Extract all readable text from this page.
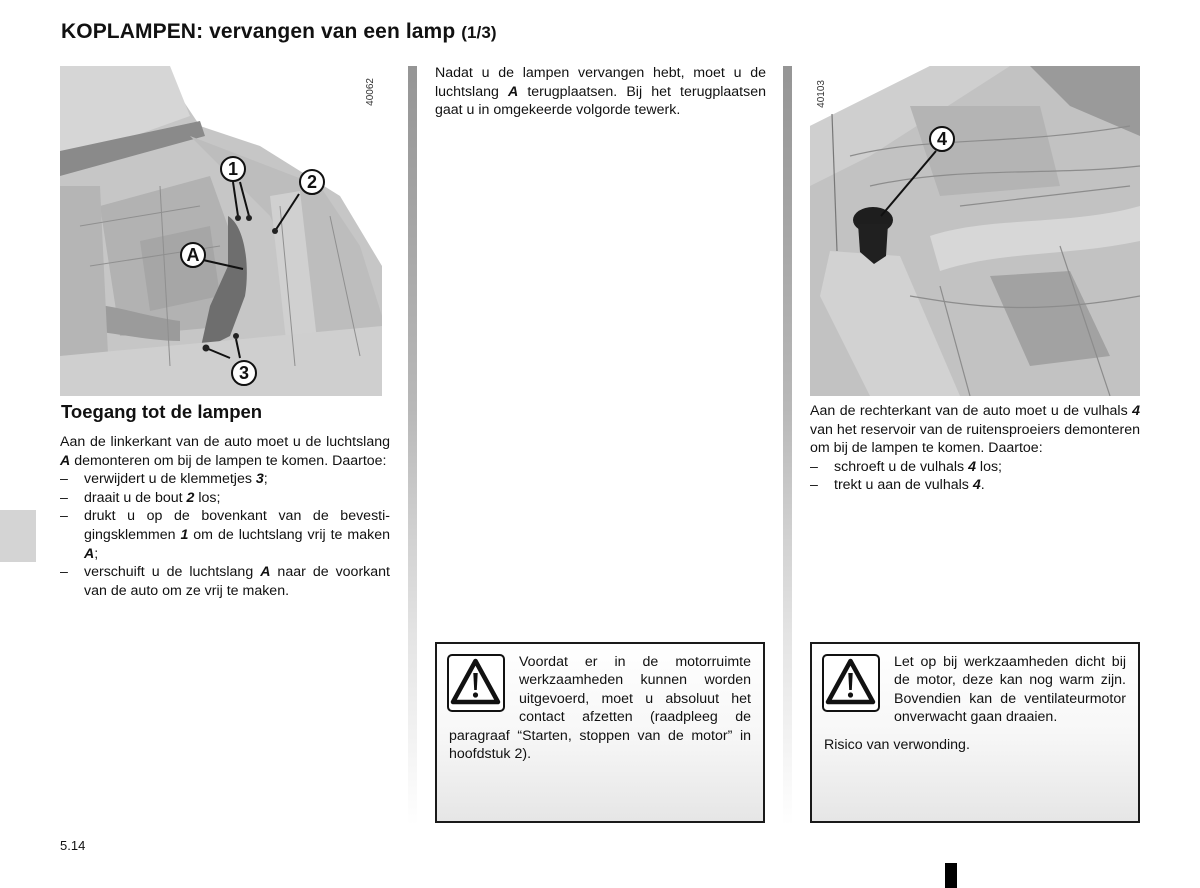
KOPLAMPEN: vervangen van een lamp (1/3)
40062
1
2
A
3
Toegang tot de lampen

Aan de linkerkant van de auto moet u de luchtslang A demonteren om bij de lampen te komen. Daartoe:

– verwijdert u de klemmetjes 3;
– draait u de bout 2 los;
– drukt u op de bovenkant van de bevestigingsklemmen 1 om de luchtslang vrij te maken A;
– verschuift u de luchtslang A naar de voorkant van de auto om ze vrij te maken.

Nadat u de lampen vervangen hebt, moet u de luchtslang A terugplaatsen. Bij het terugplaatsen gaat u in omgekeerde volgorde tewerk.

Voordat er in de motorruimte werkzaamheden kunnen worden uitgevoerd, moet u absoluut het contact afzetten (raadpleeg de paragraaf “Starten, stoppen van de motor” in hoofdstuk 2).

40103
4

Aan de rechterkant van de auto moet u de vulhals 4 van het reservoir van de ruitensproeiers demonteren om bij de lampen te komen. Daartoe:

– schroeft u de vulhals 4 los;
– trekt u aan de vulhals 4.

Let op bij werkzaamheden dicht bij de motor, deze kan nog warm zijn. Bovendien kan de ventilateurmotor onverwacht gaan draaien.

Risico van verwonding.

5.14
